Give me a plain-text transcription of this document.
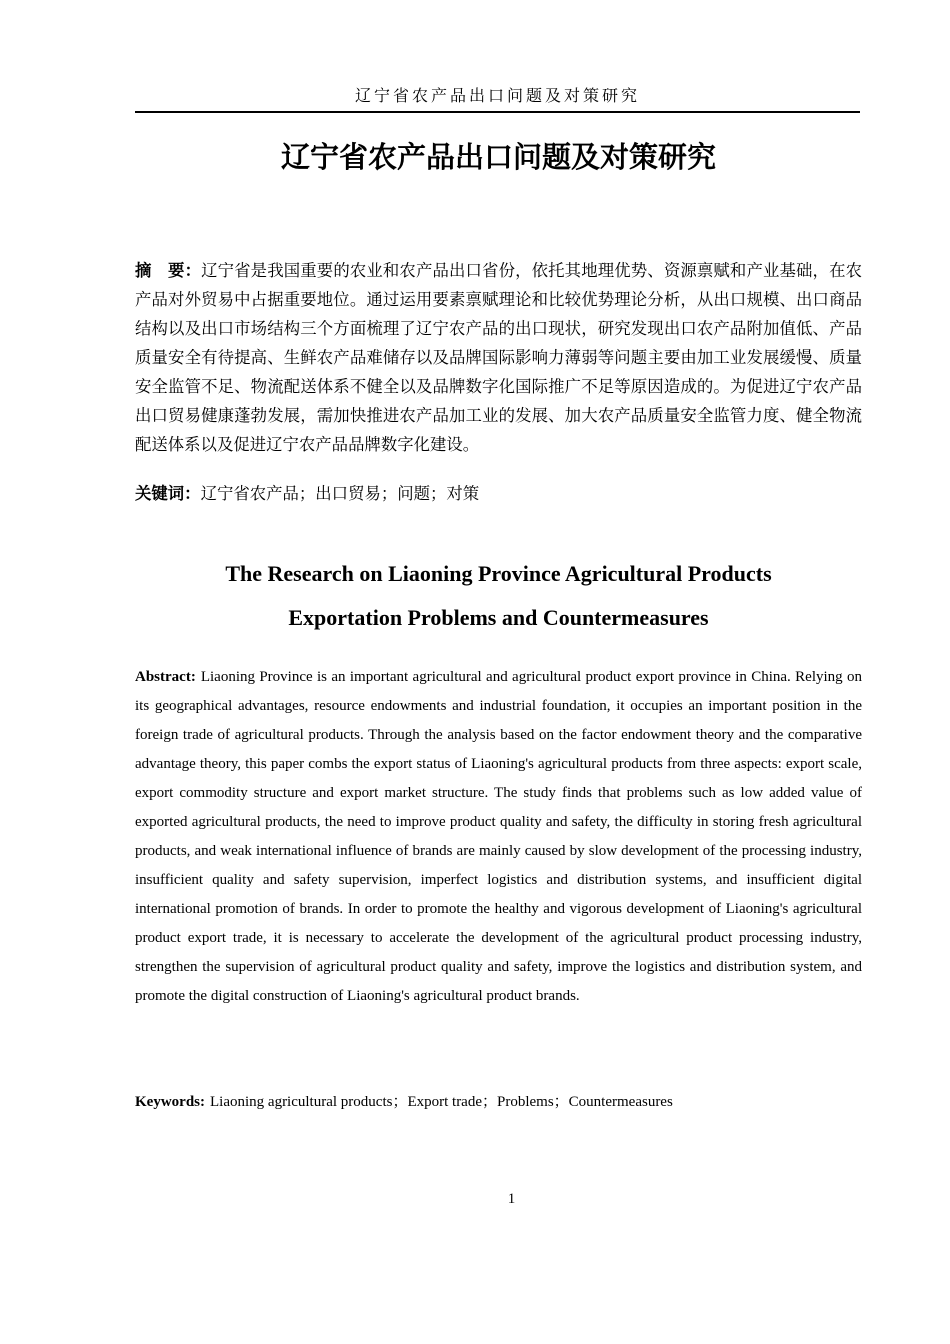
辽宁省农产品出口问题及对策研究
辽宁省农产品出口问题及对策研究

摘　要：辽宁省是我国重要的农业和农产品出口省份，依托其地理优势、资源禀赋和产业基础，在农产品对外贸易中占据重要地位。通过运用要素禀赋理论和比较优势理论分析，从出口规模、出口商品结构以及出口市场结构三个方面梳理了辽宁农产品的出口现状，研究发现出口农产品附加值低、产品质量安全有待提高、生鲜农产品难储存以及品牌国际影响力薄弱等问题主要由加工业发展缓慢、质量安全监管不足、物流配送体系不健全以及品牌数字化国际推广不足等原因造成的。为促进辽宁农产品出口贸易健康蓬勃发展，需加快推进农产品加工业的发展、加大农产品质量安全监管力度、健全物流配送体系以及促进辽宁农产品品牌数字化建设。

关键词：辽宁省农产品；出口贸易；问题；对策

The Research on Liaoning Province Agricultural Products
Exportation Problems and Countermeasures

Abstract: Liaoning Province is an important agricultural and agricultural product export province in China. Relying on its geographical advantages, resource endowments and industrial foundation, it occupies an important position in the foreign trade of agricultural products. Through the analysis based on the factor endowment theory and the comparative advantage theory, this paper combs the export status of Liaoning's agricultural products from three aspects: export scale, export commodity structure and export market structure. The study finds that problems such as low added value of exported agricultural products, the need to improve product quality and safety, the difficulty in storing fresh agricultural products, and weak international influence of brands are mainly caused by slow development of the processing industry, insufficient quality and safety supervision, imperfect logistics and distribution systems, and insufficient digital international promotion of brands. In order to promote the healthy and vigorous development of Liaoning's agricultural product export trade, it is necessary to accelerate the development of the agricultural product processing industry, strengthen the supervision of agricultural product quality and safety, improve the logistics and distribution system, and promote the digital construction of Liaoning's agricultural product brands.

Keywords: Liaoning agricultural products；Export trade；Problems；Countermeasures

1
